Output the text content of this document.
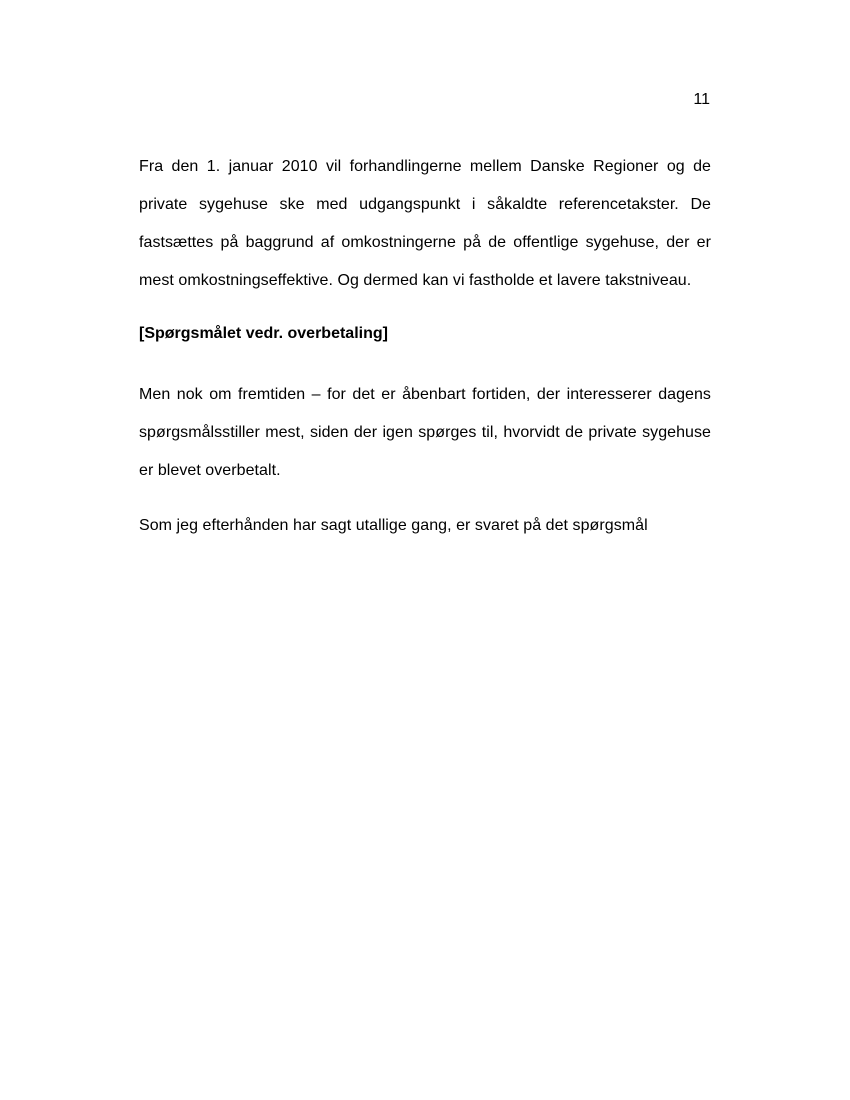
11

Fra den 1. januar 2010 vil forhandlingerne mellem Danske Regioner og de private sygehuse ske med udgangspunkt i såkaldte referencetakster. De fastsættes på baggrund af omkostningerne på de offentlige sygehuse, der er mest omkostningseffektive. Og dermed kan vi fastholde et lavere takstniveau.

[Spørgsmålet vedr. overbetaling]

Men nok om fremtiden – for det er åbenbart fortiden, der interesserer dagens spørgsmålsstiller mest, siden der igen spørges til, hvorvidt de private sygehuse er blevet overbetalt.

Som jeg efterhånden har sagt utallige gang, er svaret på det spørgsmål
